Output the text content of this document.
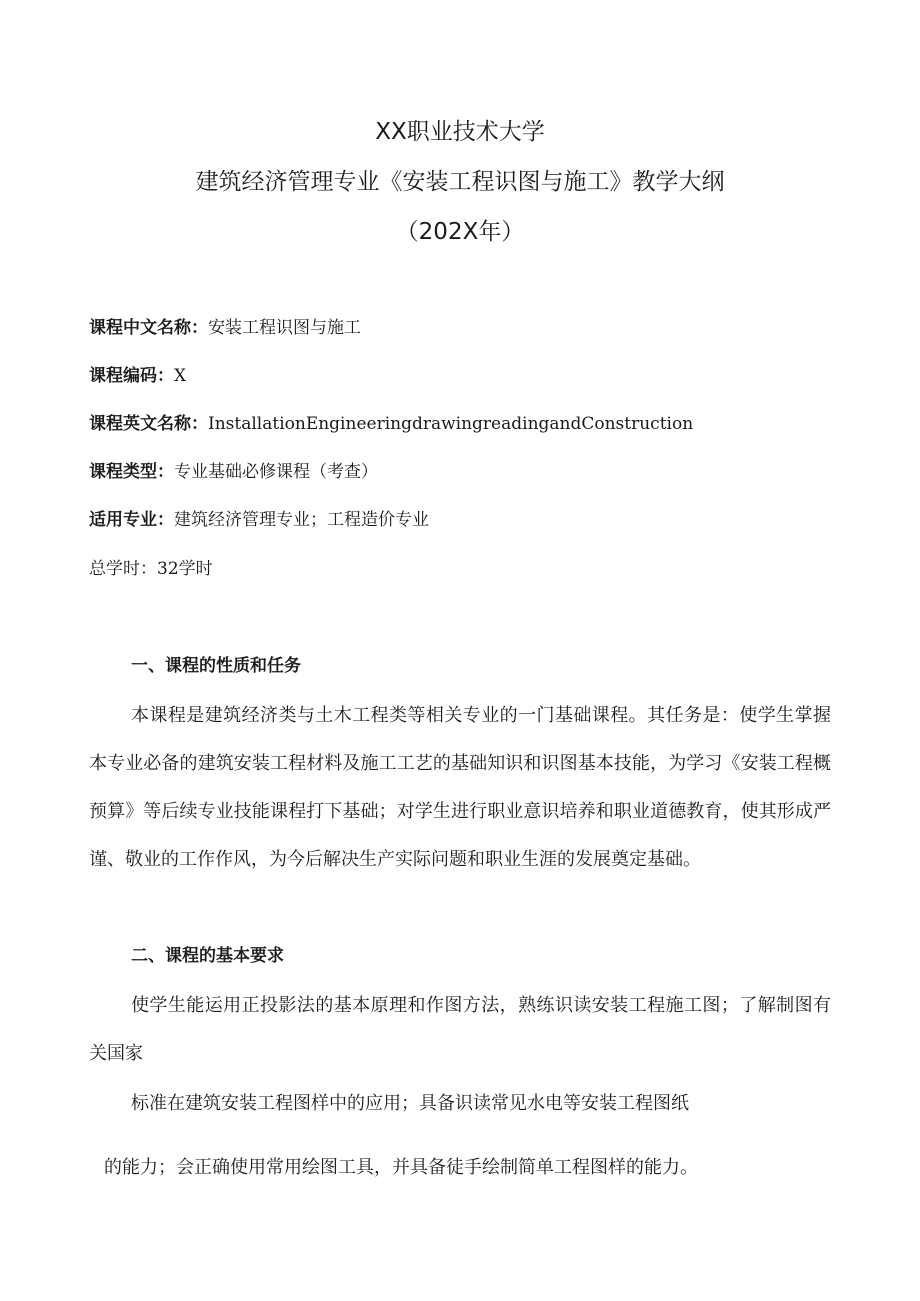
XX职业技术大学
建筑经济管理专业《安装工程识图与施工》教学大纲
（202X年）
课程中文名称：安装工程识图与施工
课程编码：X
课程英文名称：InstallationEngineeringdrawingreadingandConstruction
课程类型：专业基础必修课程（考查）
适用专业：建筑经济管理专业；工程造价专业
总学时：32学时
一、课程的性质和任务
本课程是建筑经济类与土木工程类等相关专业的一门基础课程。其任务是：使学生掌握本专业必备的建筑安装工程材料及施工工艺的基础知识和识图基本技能，为学习《安装工程概预算》等后续专业技能课程打下基础；对学生进行职业意识培养和职业道德教育，使其形成严谨、敬业的工作作风，为今后解决生产实际问题和职业生涯的发展奠定基础。
二、课程的基本要求
使学生能运用正投影法的基本原理和作图方法，熟练识读安装工程施工图；了解制图有关国家
标准在建筑安装工程图样中的应用；具备识读常见水电等安装工程图纸
的能力；会正确使用常用绘图工具，并具备徒手绘制简单工程图样的能力。
